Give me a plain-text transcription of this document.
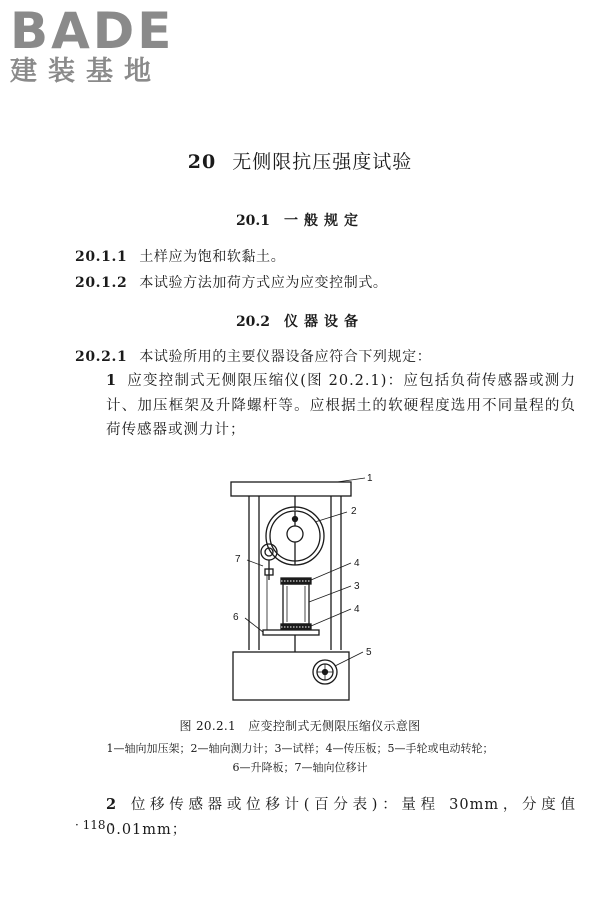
BADE
建装基地
20 无侧限抗压强度试验
20.1 一般规定
20.1.1 土样应为饱和软黏土。
20.1.2 本试验方法加荷方式应为应变控制式。
20.2 仪器设备
20.2.1 本试验所用的主要仪器设备应符合下列规定：
1 应变控制式无侧限压缩仪(图 20.2.1)：应包括负荷传感器或测力计、加压框架及升降螺杆等。应根据土的软硬程度选用不同量程的负荷传感器或测力计；
1
2
7	4
3
4
6
5
图 20.2.1　应变控制式无侧限压缩仪示意图
1—轴向加压架；2—轴向测力计；3—试样；4—传压板；5—手轮或电动转轮；
6—升降板；7—轴向位移计
2 位移传感器或位移计(百分表)：量程 30mm，分度值 0.01mm；
· 118 ·
